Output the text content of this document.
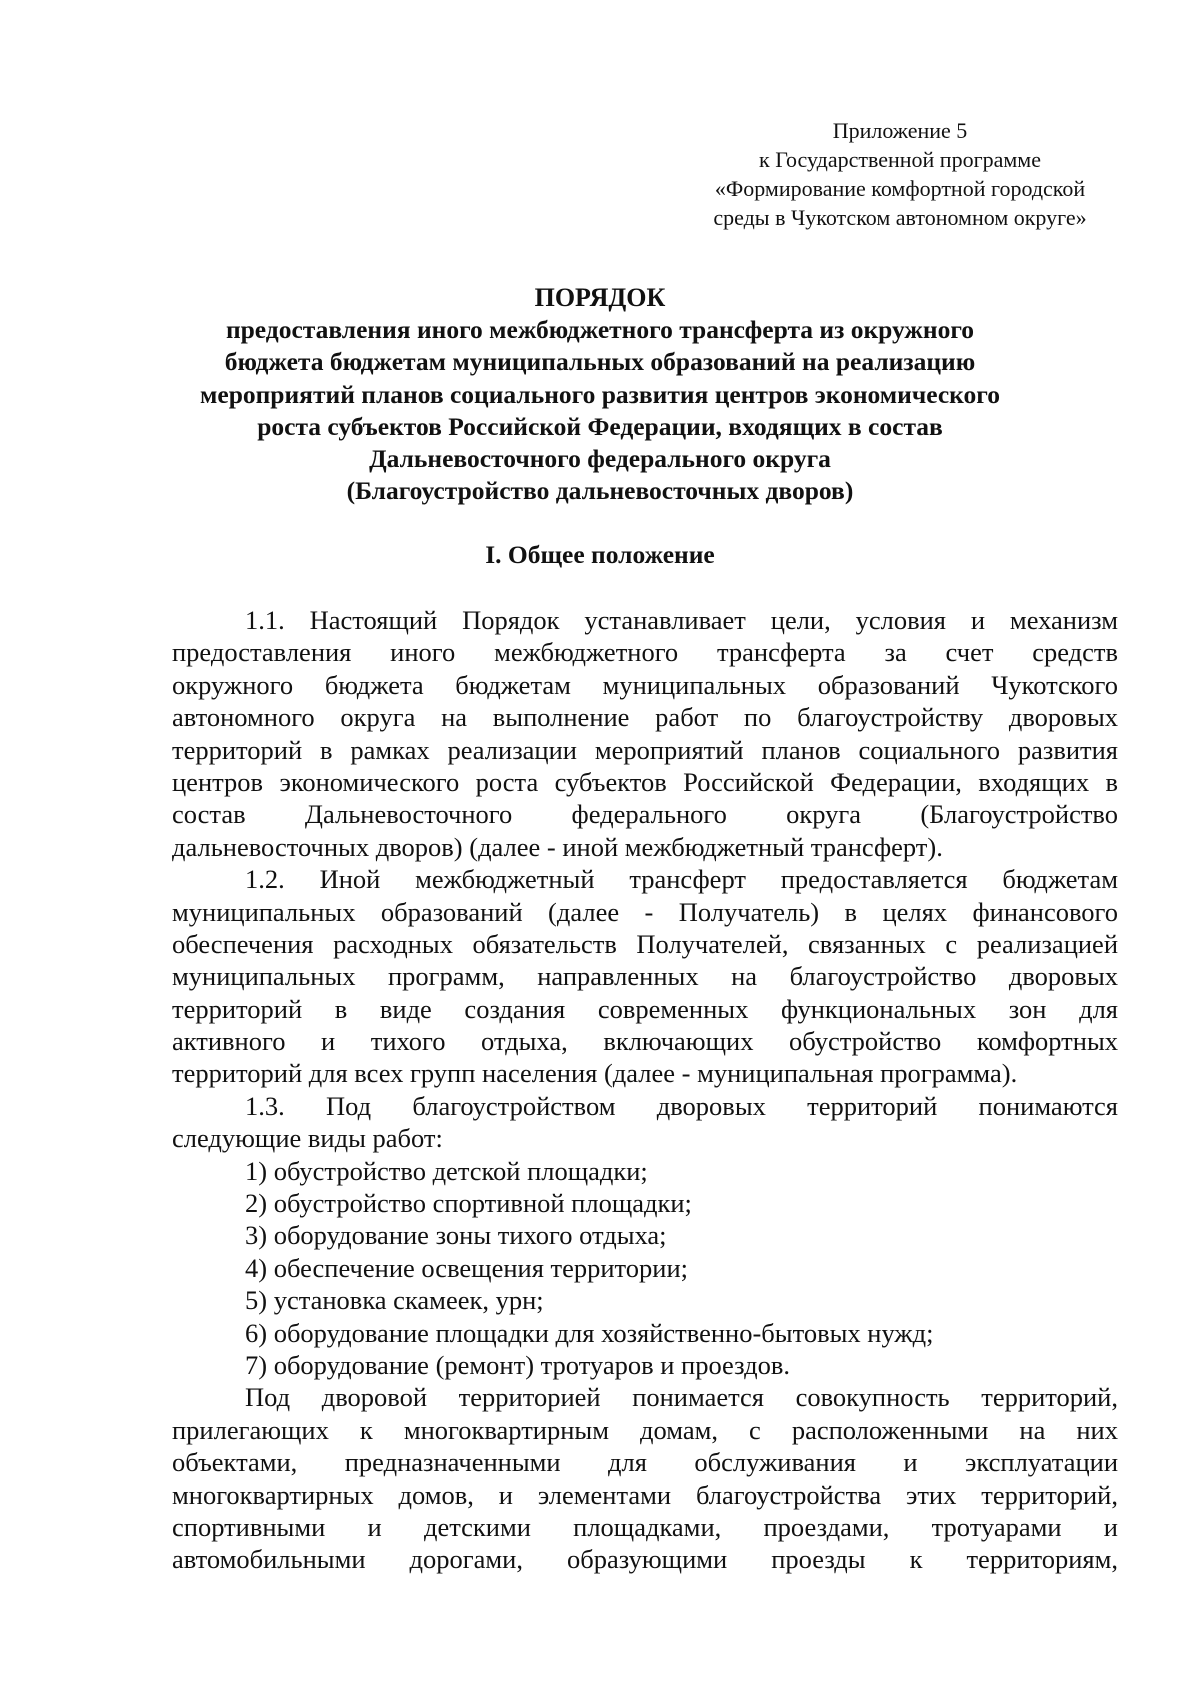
Приложение 5
к Государственной программе
«Формирование комфортной городской
среды в Чукотском автономном округе»
ПОРЯДОК
предоставления иного межбюджетного трансферта из окружного
бюджета бюджетам муниципальных образований на реализацию
мероприятий планов социального развития центров экономического
роста субъектов Российской Федерации, входящих в состав
Дальневосточного федерального округа
(Благоустройство дальневосточных дворов)
I. Общее положение
1.1. Настоящий Порядок устанавливает цели, условия и механизм
предоставления иного межбюджетного трансферта за счет средств
окружного бюджета бюджетам муниципальных образований Чукотского
автономного округа на выполнение работ по благоустройству дворовых
территорий в рамках реализации мероприятий планов социального развития
центров экономического роста субъектов Российской Федерации, входящих в
состав Дальневосточного федерального округа (Благоустройство
дальневосточных дворов) (далее - иной межбюджетный трансферт).
1.2. Иной межбюджетный трансферт предоставляется бюджетам
муниципальных образований (далее - Получатель) в целях финансового
обеспечения расходных обязательств Получателей, связанных с реализацией
муниципальных программ, направленных на благоустройство дворовых
территорий в виде создания современных функциональных зон для
активного и тихого отдыха, включающих обустройство комфортных
территорий для всех групп населения (далее - муниципальная программа).
1.3. Под благоустройством дворовых территорий понимаются
следующие виды работ:
1) обустройство детской площадки;
2) обустройство спортивной площадки;
3) оборудование зоны тихого отдыха;
4) обеспечение освещения территории;
5) установка скамеек, урн;
6) оборудование площадки для хозяйственно-бытовых нужд;
7) оборудование (ремонт) тротуаров и проездов.
Под дворовой территорией понимается совокупность территорий,
прилегающих к многоквартирным домам, с расположенными на них
объектами, предназначенными для обслуживания и эксплуатации
многоквартирных домов, и элементами благоустройства этих территорий,
спортивными и детскими площадками, проездами, тротуарами и
автомобильными дорогами, образующими проезды к территориям,
